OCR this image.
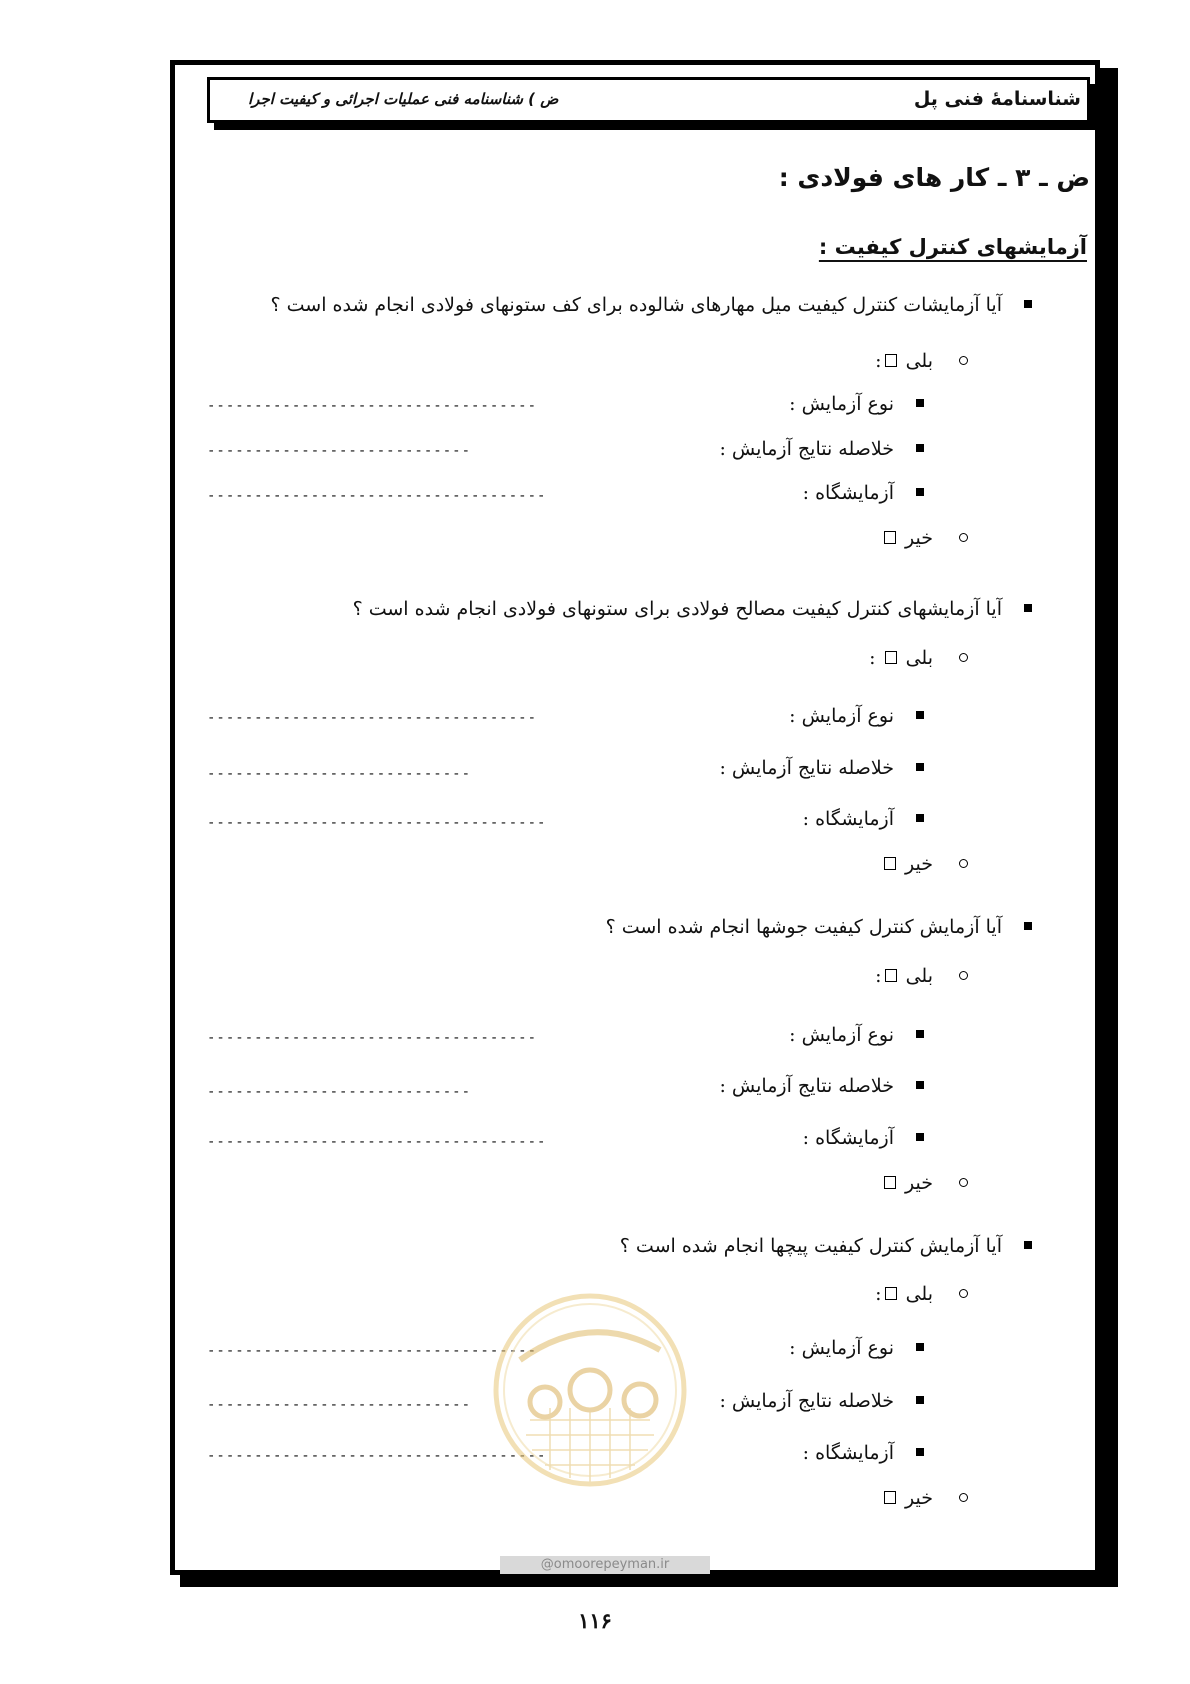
شناسنامهٔ فنی پل
ض ) شناسنامه فنی عملیات اجرائی و کیفیت اجرا
ض ـ ۳ ـ کار های فولادی :
آزمایشهای کنترل کیفیت :
آیا آزمایشات کنترل کیفیت میل مهارهای شالوده برای کف ستونهای فولادی انجام شده است ؟
بلی :
نوع آزمایش :
-----------------------------------
خلاصله نتایج آزمایش :
----------------------------
آزمایشگاه :
------------------------------------
خیر
آیا آزمایشهای کنترل کیفیت مصالح فولادی برای ستونهای فولادی انجام شده است ؟
بلی  :
نوع آزمایش :
-----------------------------------
خلاصله نتایج آزمایش :
----------------------------
آزمایشگاه :
------------------------------------
خیر
آیا آزمایش کنترل کیفیت جوشها انجام شده است ؟
بلی :
نوع آزمایش :
-----------------------------------
خلاصله نتایج آزمایش :
----------------------------
آزمایشگاه :
------------------------------------
خیر
آیا آزمایش کنترل کیفیت پیچها انجام شده است ؟
بلی :
نوع آزمایش :
-----------------------------------
خلاصله نتایج آزمایش :
----------------------------
آزمایشگاه :
------------------------------------
خیر
@omoorepeyman.ir
۱۱۶
